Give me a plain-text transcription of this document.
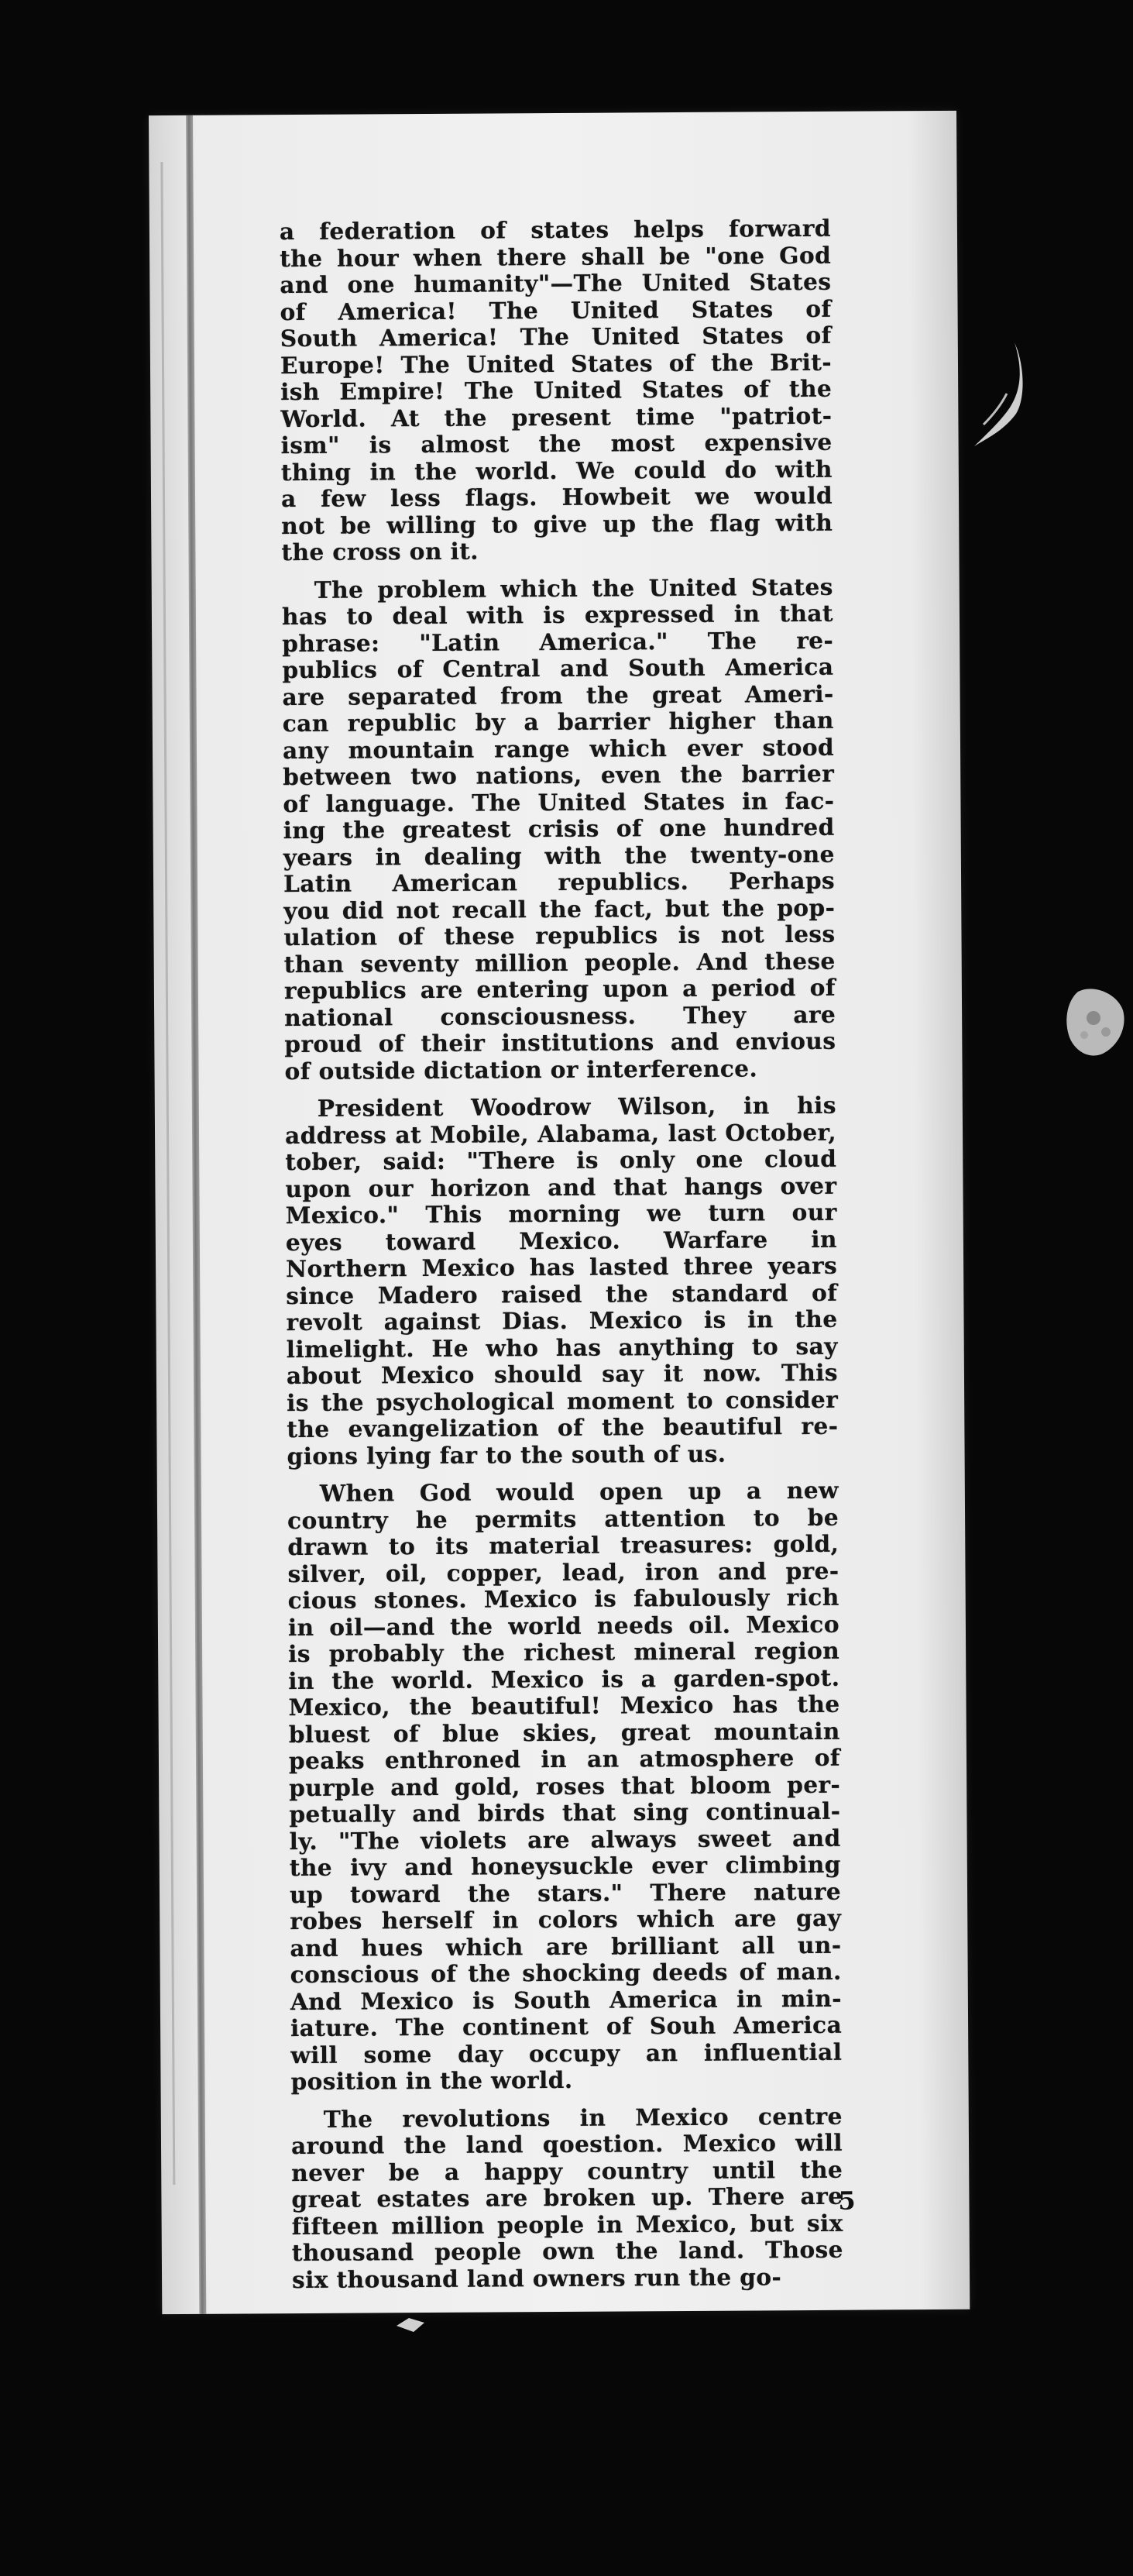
a federation of states helps forward
the hour when there shall be "one God
and one humanity"—The United States
of America! The United States of
South America! The United States of
Europe! The United States of the Brit-
ish Empire! The United States of the
World. At the present time "patriot-
ism" is almost the most expensive
thing in the world. We could do with
a few less flags. Howbeit we would
not be willing to give up the flag with
the cross on it.
The problem which the United States
has to deal with is expressed in that
phrase: "Latin America." The re-
publics of Central and South America
are separated from the great Ameri-
can republic by a barrier higher than
any mountain range which ever stood
between two nations, even the barrier
of language. The United States in fac-
ing the greatest crisis of one hundred
years in dealing with the twenty-one
Latin American republics. Perhaps
you did not recall the fact, but the pop-
ulation of these republics is not less
than seventy million people. And these
republics are entering upon a period of
national consciousness. They are
proud of their institutions and envious
of outside dictation or interference.
President Woodrow Wilson, in his
address at Mobile, Alabama, last October,
tober, said: "There is only one cloud
upon our horizon and that hangs over
Mexico." This morning we turn our
eyes toward Mexico. Warfare in
Northern Mexico has lasted three years
since Madero raised the standard of
revolt against Dias. Mexico is in the
limelight. He who has anything to say
about Mexico should say it now. This
is the psychological moment to consider
the evangelization of the beautiful re-
gions lying far to the south of us.
When God would open up a new
country he permits attention to be
drawn to its material treasures: gold,
silver, oil, copper, lead, iron and pre-
cious stones. Mexico is fabulously rich
in oil—and the world needs oil. Mexico
is probably the richest mineral region
in the world. Mexico is a garden-spot.
Mexico, the beautiful! Mexico has the
bluest of blue skies, great mountain
peaks enthroned in an atmosphere of
purple and gold, roses that bloom per-
petually and birds that sing continual-
ly. "The violets are always sweet and
the ivy and honeysuckle ever climbing
up toward the stars." There nature
robes herself in colors which are gay
and hues which are brilliant all un-
conscious of the shocking deeds of man.
And Mexico is South America in min-
iature. The continent of Souh America
will some day occupy an influential
position in the world.
The revolutions in Mexico centre
around the land qoestion. Mexico will
never be a happy country until the
great estates are broken up. There are
fifteen million people in Mexico, but six
thousand people own the land. Those
six thousand land owners run the go-
5
